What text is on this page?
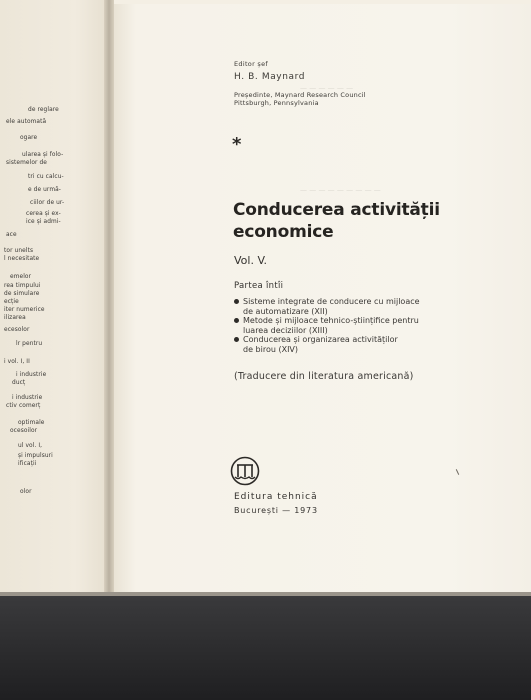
de reglare
ele automată
ogare
ularea și folo-
sistemelor de
tri cu calcu-
e de urmă-
ciilor de ur-
cerea și ex-
ice și admi-
ace
tor unelts
l necesitate
emelor
rea timpului
de simulare
ecție
iter numerice
ilizarea
ecesolor
lr pentru
i vol. I, II
i industrie
ducț
i industrie
ctiv comerț
optimale
ocesoilor
ul vol. I,
și impulsuri
ificații
olor
— — — — — —
— — — — — — — — —
Editor șef
H. B. Maynard
Președinte, Maynard Research Council
Pittsburgh, Pennsylvania
*
Conducerea activității
economice
Vol. V.
Partea întîi
Sisteme integrate de conducere cu mijloace
de automatizare (XII)
Metode și mijloace tehnico-științifice pentru
luarea deciziilor (XIII)
Conducerea și organizarea activităților
de birou (XIV)
(Traducere din literatura americană)
Editura tehnică
București — 1973
